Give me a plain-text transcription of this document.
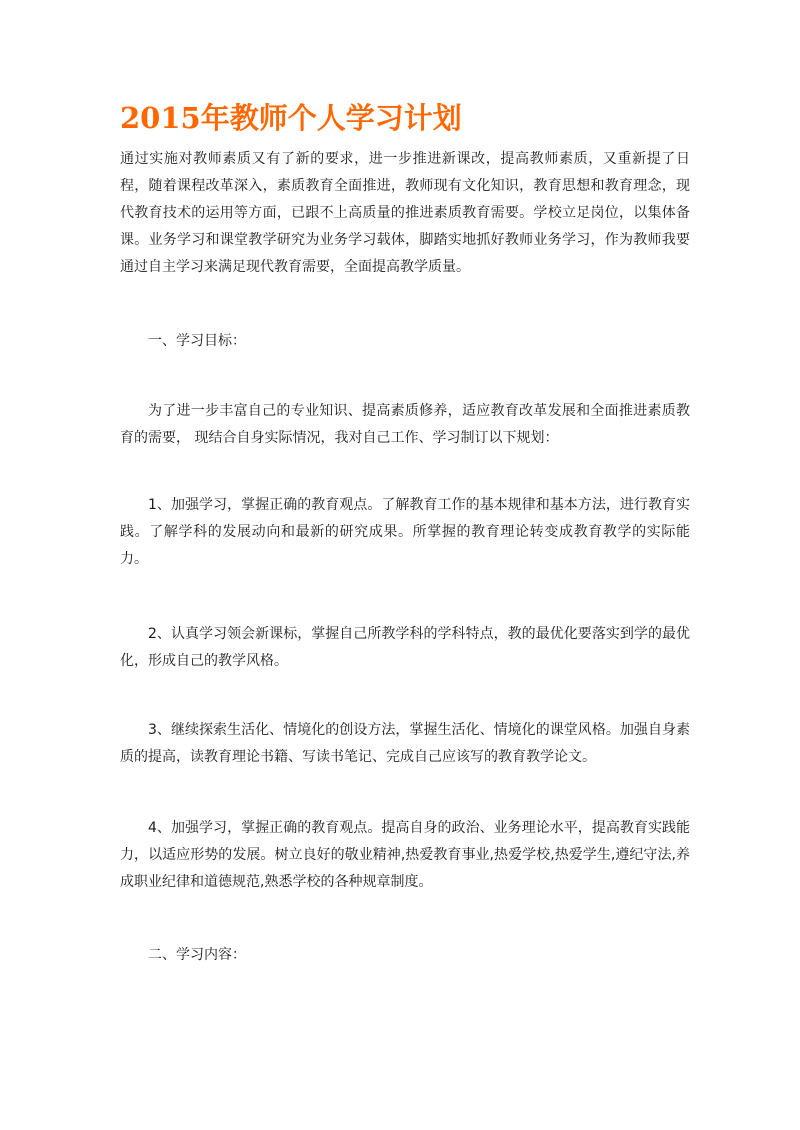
2015年教师个人学习计划

通过实施对教师素质又有了新的要求，进一步推进新课改，提高教师素质，又重新提了日程，随着课程改革深入，素质教育全面推进，教师现有文化知识，教育思想和教育理念，现代教育技术的运用等方面，已跟不上高质量的推进素质教育需要。学校立足岗位，以集体备课。业务学习和课堂教学研究为业务学习载体，脚踏实地抓好教师业务学习，作为教师我要通过自主学习来满足现代教育需要，全面提高教学质量。

一、学习目标：

为了进一步丰富自己的专业知识、提高素质修养，适应教育改革发展和全面推进素质教育的需要， 现结合自身实际情况，我对自己工作、学习制订以下规划：

1、加强学习，掌握正确的教育观点。了解教育工作的基本规律和基本方法，进行教育实践。了解学科的发展动向和最新的研究成果。所掌握的教育理论转变成教育教学的实际能力。

2、认真学习领会新课标，掌握自己所教学科的学科特点，教的最优化要落实到学的最优化，形成自己的教学风格。

3、继续探索生活化、情境化的创设方法，掌握生活化、情境化的课堂风格。加强自身素质的提高，读教育理论书籍、写读书笔记、完成自己应该写的教育教学论文。

4、加强学习，掌握正确的教育观点。提高自身的政治、业务理论水平，提高教育实践能力，以适应形势的发展。树立良好的敬业精神,热爱教育事业,热爱学校,热爱学生,遵纪守法,养成职业纪律和道德规范,熟悉学校的各种规章制度。

二、学习内容：
